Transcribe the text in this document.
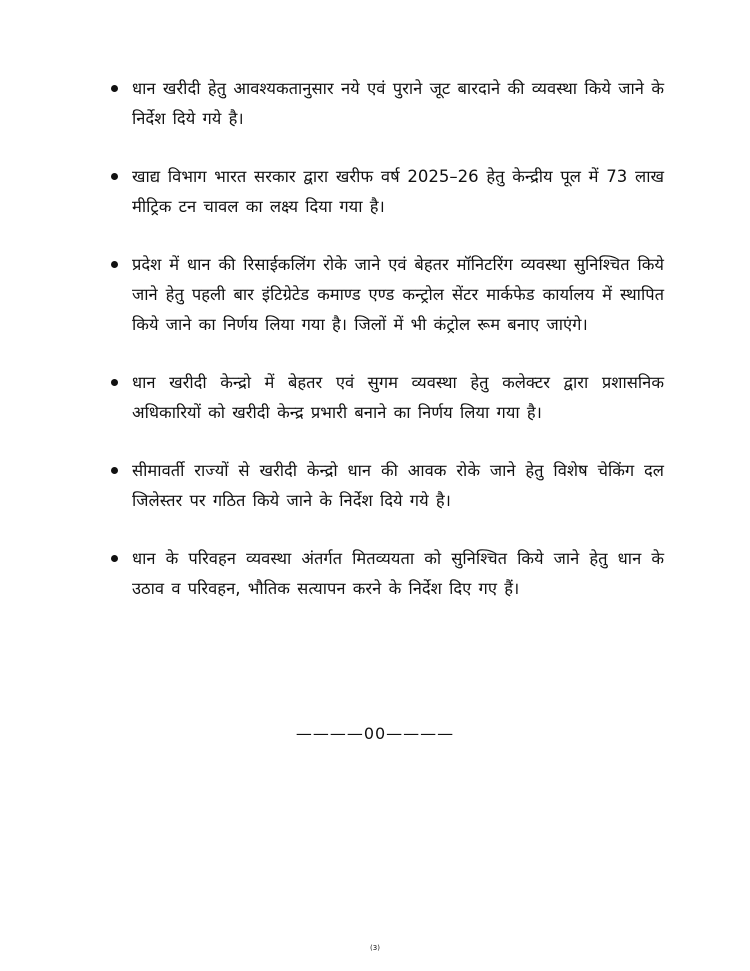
धान खरीदी हेतु आवश्यकतानुसार नये एवं पुराने जूट बारदाने की व्यवस्था किये जाने के निर्देश दिये गये है।
खाद्य विभाग भारत सरकार द्वारा खरीफ वर्ष 2025–26 हेतु केन्द्रीय पूल में 73 लाख मीट्रिक टन चावल का लक्ष्य दिया गया है।
प्रदेश में धान की रिसाईकलिंग रोके जाने एवं बेहतर मॉनिटरिंग व्यवस्था सुनिश्चित किये जाने हेतु पहली बार इंटिग्रेटेड कमाण्ड एण्ड कन्ट्रोल सेंटर मार्कफेड कार्यालय में स्थापित किये जाने का निर्णय लिया गया है। जिलों में भी कंट्रोल रूम बनाए जाएंगे।
धान खरीदी केन्द्रो में बेहतर एवं सुगम व्यवस्था हेतु कलेक्टर द्वारा प्रशासनिक अधिकारियों को खरीदी केन्द्र प्रभारी बनाने का निर्णय लिया गया है।
सीमावर्ती राज्यों से खरीदी केन्द्रो धान की आवक रोके जाने हेतु विशेष चेकिंग दल जिलेस्तर पर गठित किये जाने के निर्देश दिये गये है।
धान के परिवहन व्यवस्था अंतर्गत मितव्ययता को सुनिश्चित किये जाने हेतु धान के उठाव व परिवहन, भौतिक सत्यापन करने के निर्देश दिए गए हैं।
————00————
(3)
